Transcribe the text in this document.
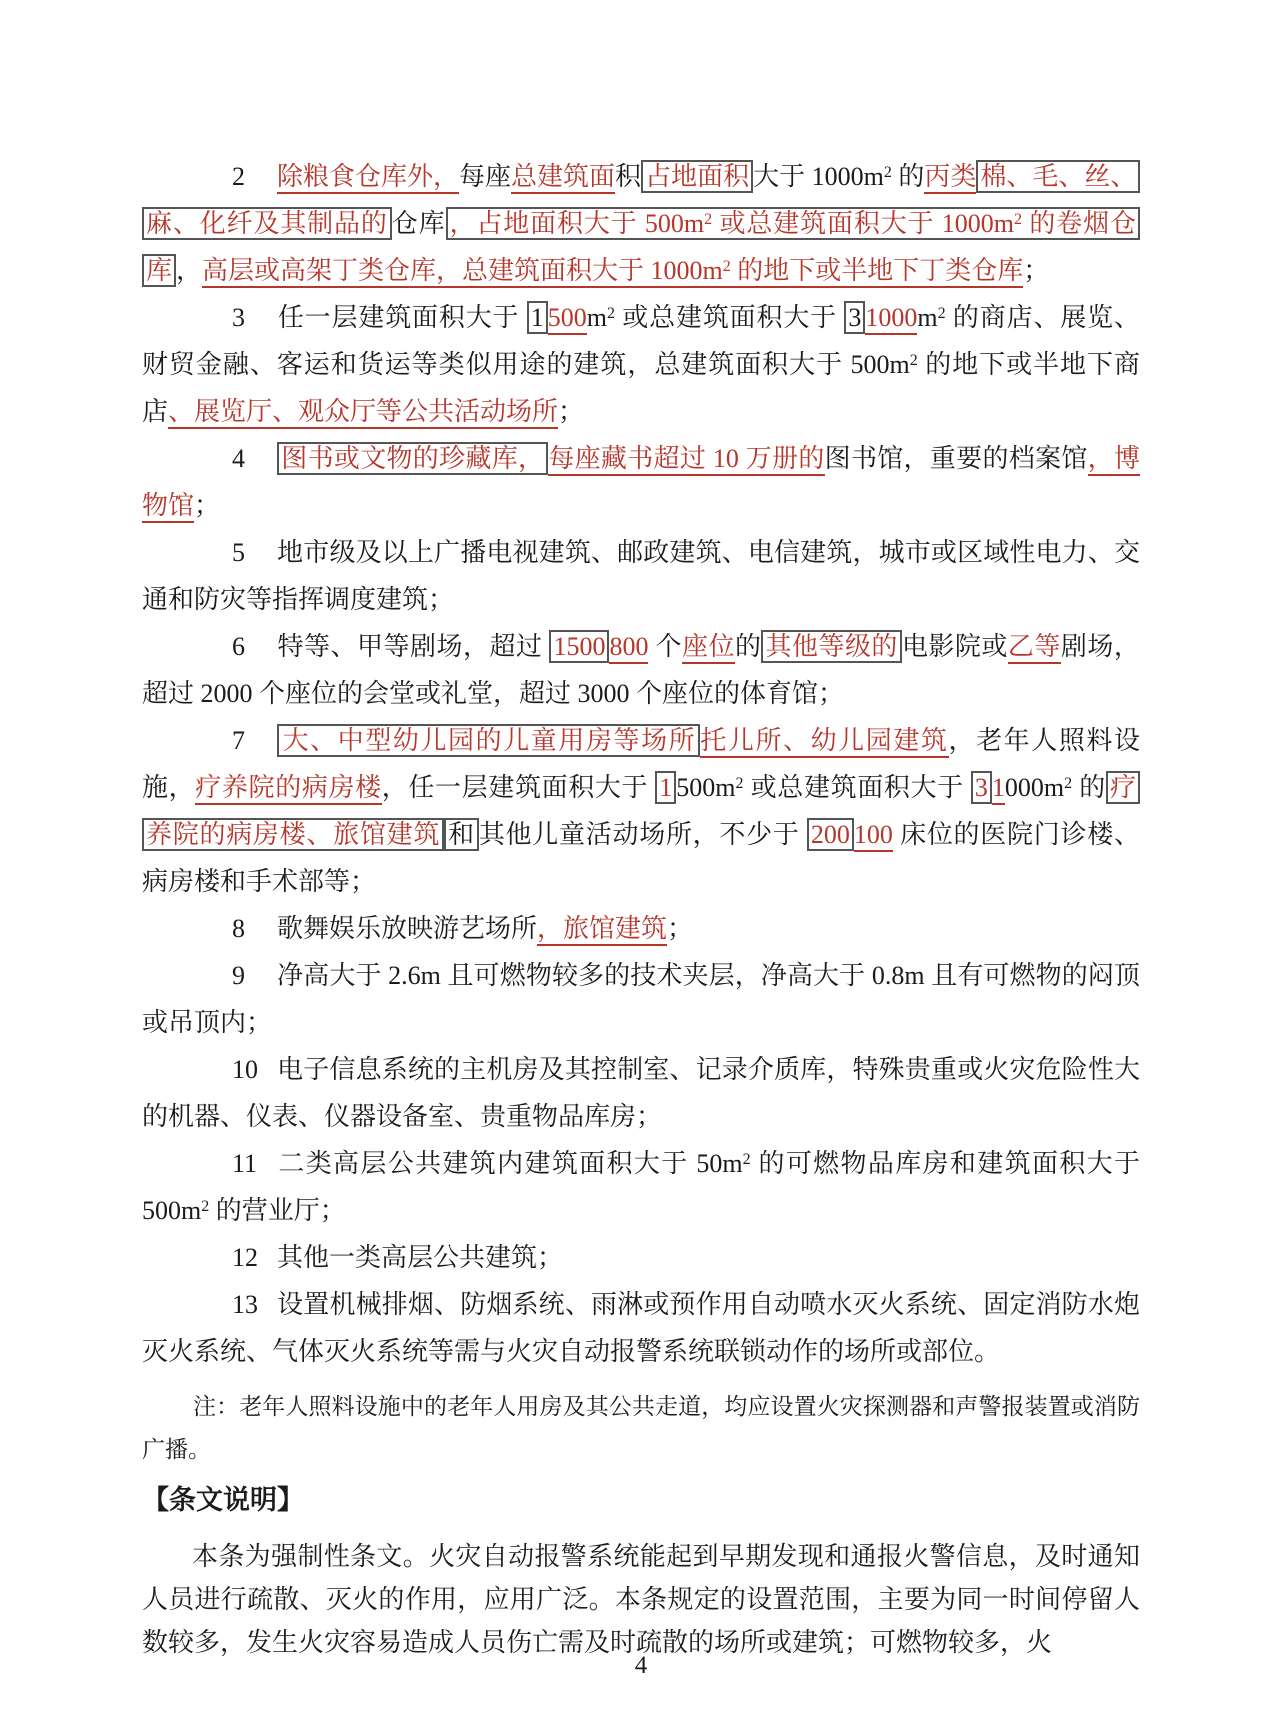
2 除粮食仓库外，每座总建筑面积 占地面积 大于 $1000m^2$ 的丙类 棉、毛、丝、麻、化纤及其制品的 仓库 ，占地面积大于 $500m^2$ 或总建筑面积大于 $1000m^2$ 的卷烟仓库 ，高层或高架丁类仓库，总建筑面积大于 $1000m^2$ 的地下或半地下丁类仓库；

3 任一层建筑面积大于 1 $500m^2$ 或总建筑面积大于 3 $1000m^2$ 的商店、展览、财贸金融、客运和货运等类似用途的建筑，总建筑面积大于 $500m^2$ 的地下或半地下商店、展览厅、观众厅等公共活动场所；

4 图书或文物的珍藏库， 每座藏书超过 10 万册的图书馆，重要的档案馆，博物馆；

5 地市级及以上广播电视建筑、邮政建筑、电信建筑，城市或区域性电力、交通和防灾等指挥调度建筑；

6 特等、甲等剧场，超过 1500 800 个座位的 其他等级的 电影院或乙等剧场，超过 2000 个座位的会堂或礼堂，超过 3000 个座位的体育馆；

7 大、中型幼儿园的儿童用房等场所 托儿所、幼儿园建筑，老年人照料设施，疗养院的病房楼，任一层建筑面积大于 1 $500m^2$ 或总建筑面积大于 3 $1000m^2$ 的 疗养院的病房楼、旅馆建筑 和 其他儿童活动场所，不少于 200 100 床位的医院门诊楼、病房楼和手术部等；

8 歌舞娱乐放映游艺场所，旅馆建筑；

9 净高大于 2.6m 且可燃物较多的技术夹层，净高大于 0.8m 且有可燃物的闷顶或吊顶内；

10 电子信息系统的主机房及其控制室、记录介质库，特殊贵重或火灾危险性大的机器、仪表、仪器设备室、贵重物品库房；

11 二类高层公共建筑内建筑面积大于 $50m^2$ 的可燃物品库房和建筑面积大于 $500m^2$ 的营业厅；

12 其他一类高层公共建筑；

13 设置机械排烟、防烟系统、雨淋或预作用自动喷水灭火系统、固定消防水炮灭火系统、气体灭火系统等需与火灾自动报警系统联锁动作的场所或部位。

注：老年人照料设施中的老年人用房及其公共走道，均应设置火灾探测器和声警报装置或消防广播。

【条文说明】

本条为强制性条文。火灾自动报警系统能起到早期发现和通报火警信息，及时通知人员进行疏散、灭火的作用，应用广泛。本条规定的设置范围，主要为同一时间停留人数较多，发生火灾容易造成人员伤亡需及时疏散的场所或建筑；可燃物较多，火

4
